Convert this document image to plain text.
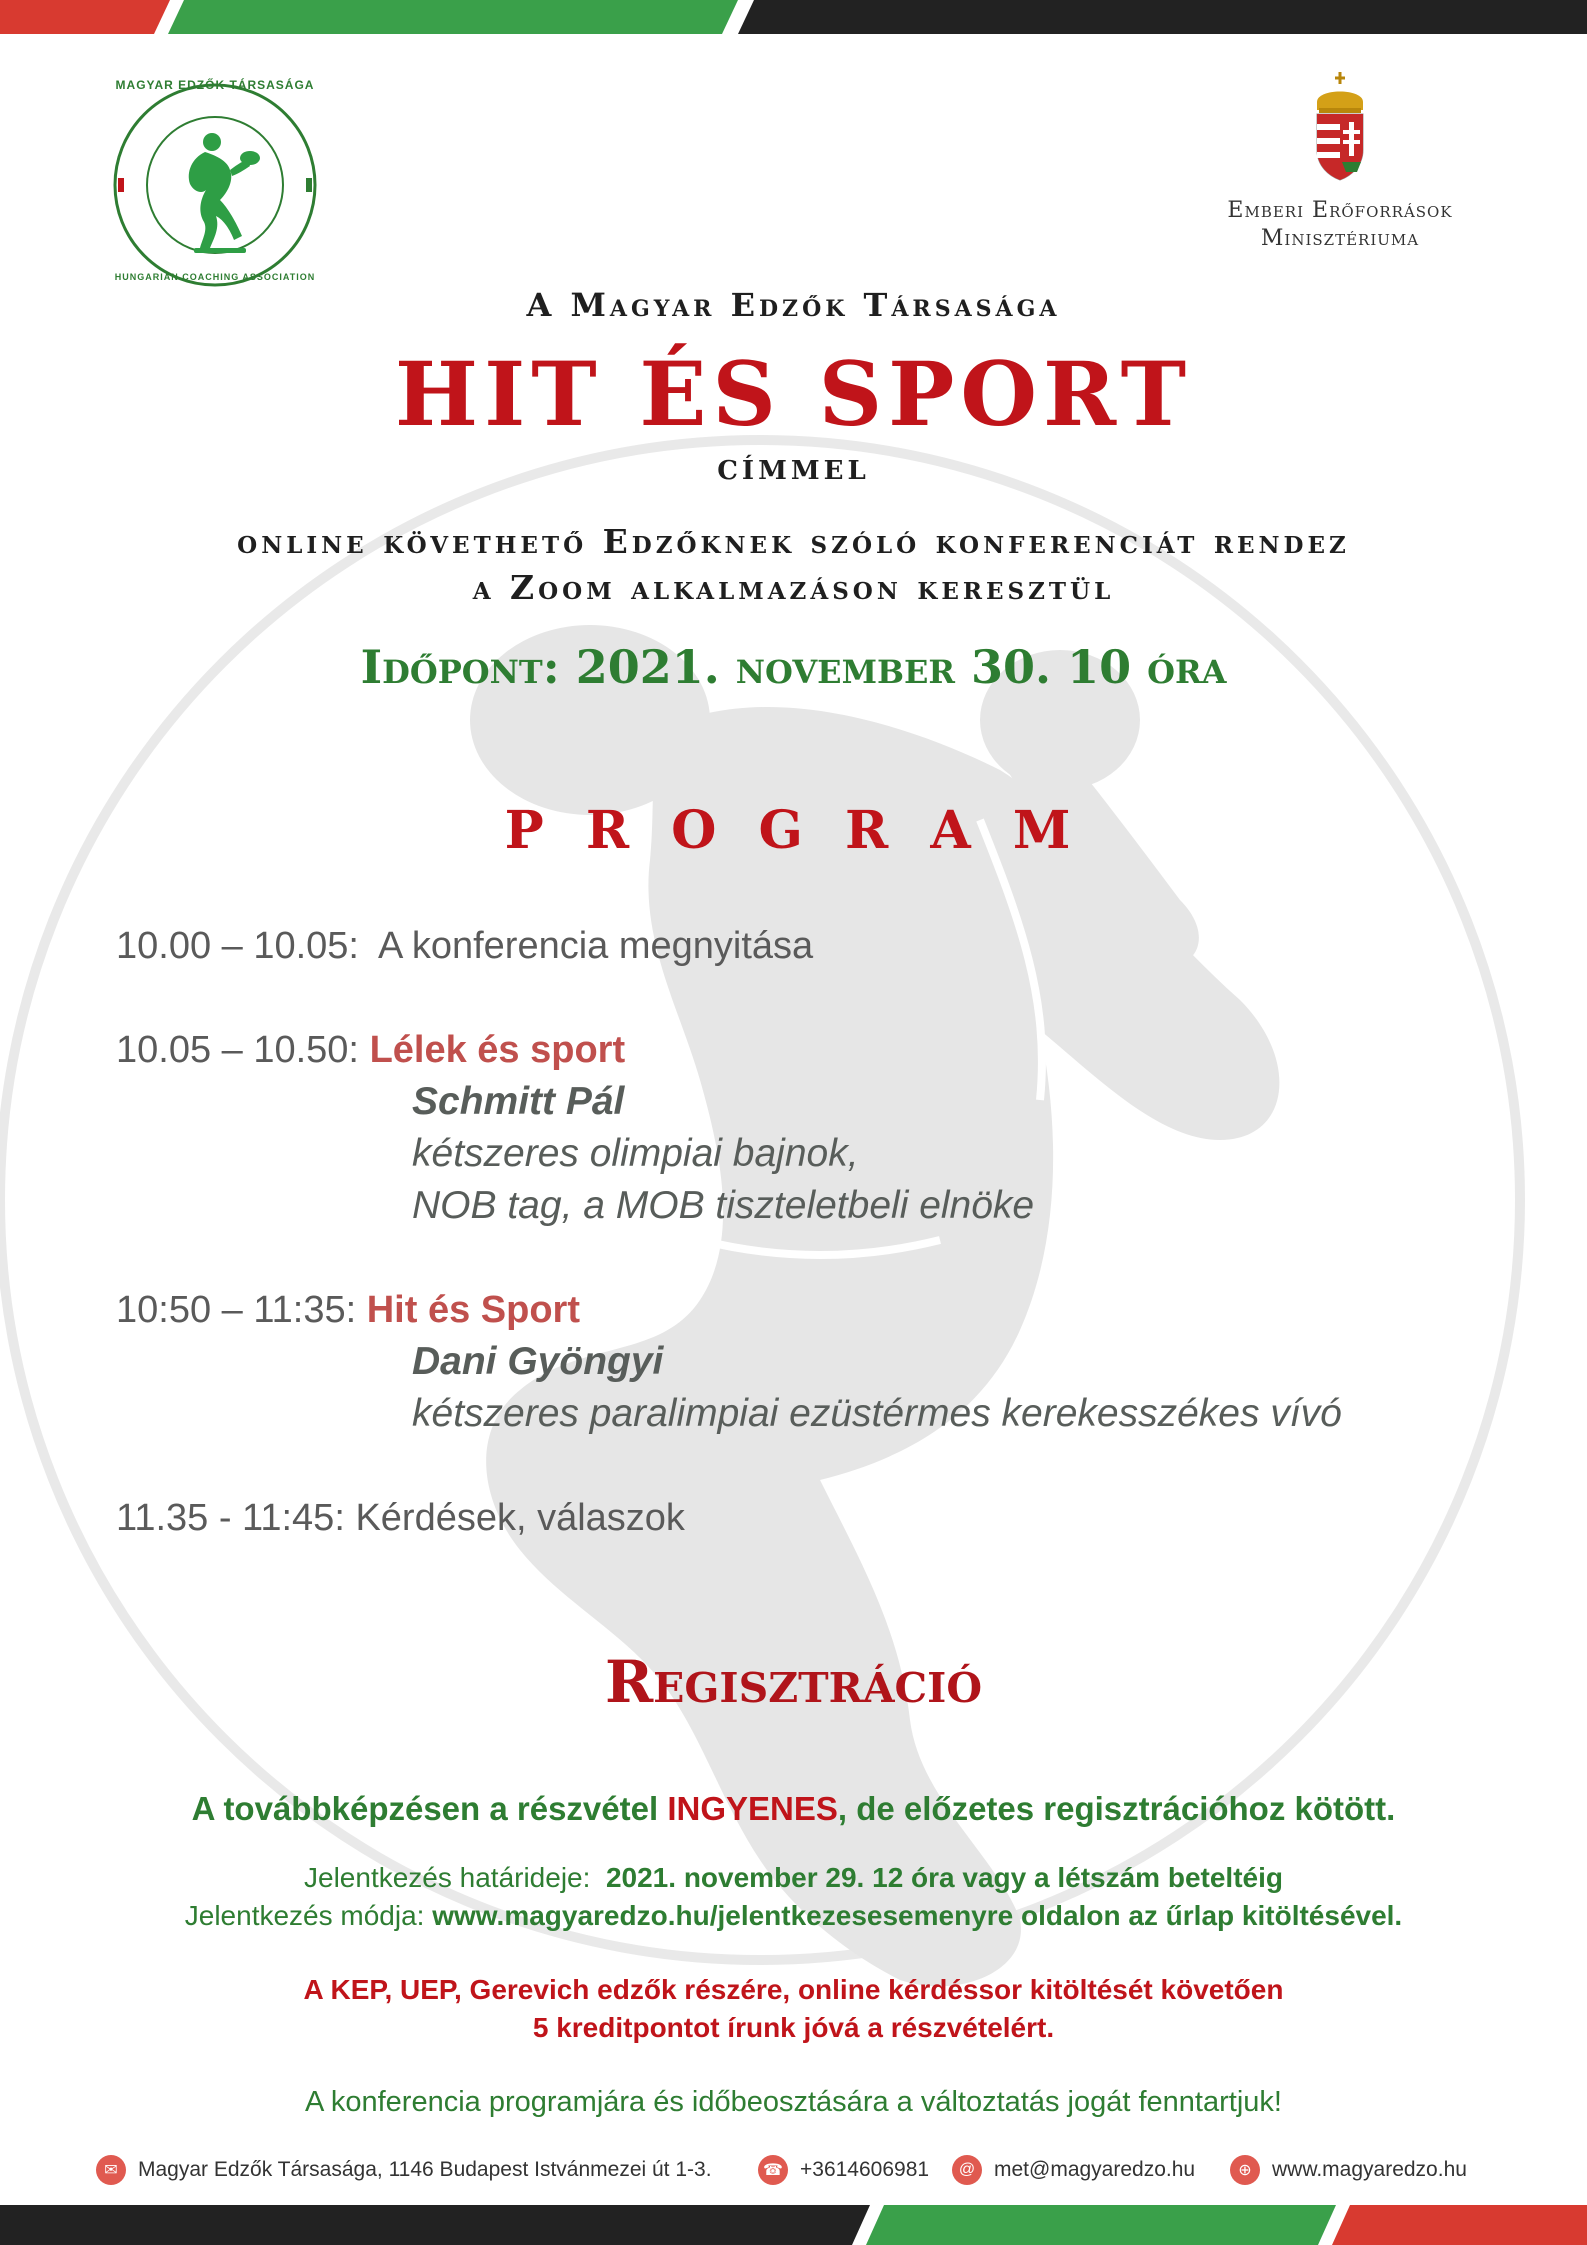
MAGYAR EDZŐK TÁRSASÁGA
HUNGARIAN COACHING ASSOCIATION
Emberi Erőforrások
Minisztériuma
A Magyar Edzők Társasága
HIT ÉS SPORT
CÍMMEL
online követhető Edzőknek szóló konferenciát rendez
a Zoom alkalmazáson keresztül
Időpont: 2021. november 30. 10 óra
P R O G R A M
10.00 – 10.05: A konferencia megnyitása
10.05 – 10.50: Lélek és sport
Schmitt Pál
kétszeres olimpiai bajnok,
NOB tag, a MOB tiszteletbeli elnöke
10:50 – 11:35: Hit és Sport
Dani Gyöngyi
kétszeres paralimpiai ezüstérmes kerekesszékes vívó
11.35 - 11:45: Kérdések, válaszok
Regisztráció
A továbbképzésen a részvétel INGYENES, de előzetes regisztrációhoz kötött.
Jelentkezés határideje: 2021. november 29. 12 óra vagy a létszám beteltéig
Jelentkezés módja: www.magyaredzo.hu/jelentkezesesemenyre oldalon az űrlap kitöltésével.
A KEP, UEP, Gerevich edzők részére, online kérdéssor kitöltését követően
5 kreditpontot írunk jóvá a részvételért.
A konferencia programjára és időbeosztására a változtatás jogát fenntartjuk!
✉ Magyar Edzők Társasága, 1146 Budapest Istvánmezei út 1-3.	☎ +3614606981	@ met@magyaredzo.hu	⊕ www.magyaredzo.hu
